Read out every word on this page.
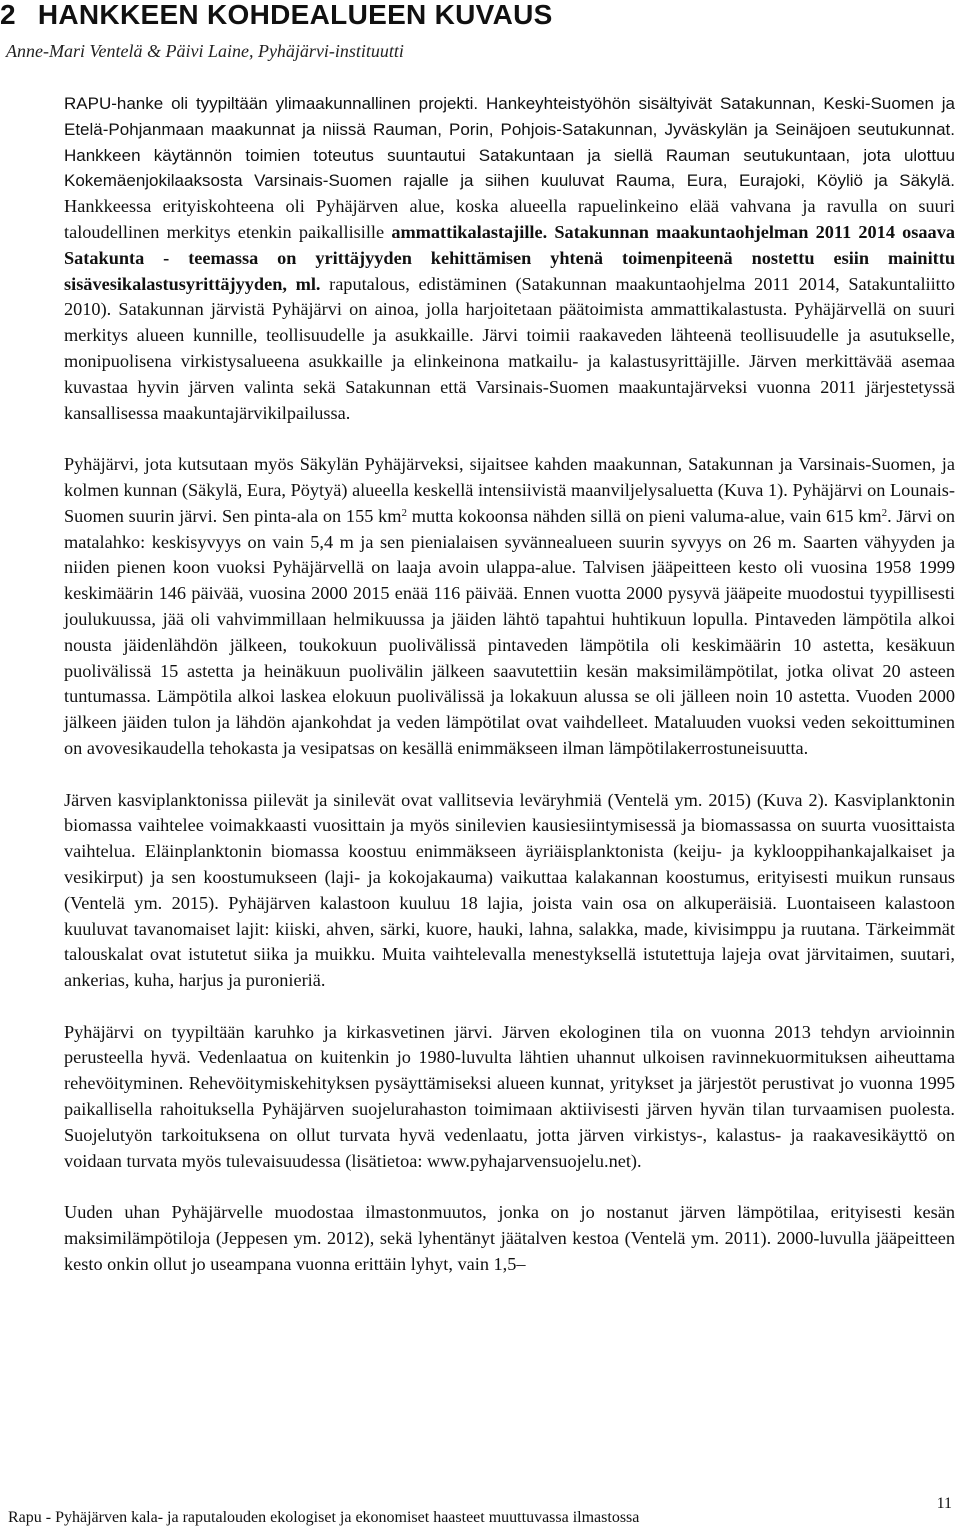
2 HANKKEEN KOHDEALUEEN KUVAUS

Anne-Mari Ventelä & Päivi Laine, Pyhäjärvi-instituutti

RAPU-hanke oli tyypiltään ylimaakunnallinen projekti. Hankeyhteistyöhön sisältyivät Satakunnan, Keski-Suomen ja Etelä-Pohjanmaan maakunnat ja niissä Rauman, Porin, Pohjois-Satakunnan, Jyväskylän ja Seinäjoen seutukunnat. Hankkeen käytännön toimien toteutus suuntautui Satakuntaan ja siellä Rauman seutukuntaan, jota ulottuu Kokemäenjokilaaksosta Varsinais-Suomen rajalle ja siihen kuuluvat Rauma, Eura, Eurajoki, Köyliö ja Säkylä. Hankkeessa erityiskohteena oli Pyhäjärven alue, koska alueella rapuelinkeino elää vahvana ja ravulla on suuri taloudellinen merkitys etenkin paikallisille ammattikalastajille. Satakunnan maakuntaohjelman 2011 2014 osaava Satakunta - teemassa on yrittäjyyden kehittämisen yhtenä toimenpiteenä nostettu esiin mainittu sisävesikalastusyrittäjyyden, ml. raputalous, edistäminen (Satakunnan maakuntaohjelma 2011 2014, Satakuntaliitto 2010). Satakunnan järvistä Pyhäjärvi on ainoa, jolla harjoitetaan päätoimista ammattikalastusta. Pyhäjärvellä on suuri merkitys alueen kunnille, teollisuudelle ja asukkaille. Järvi toimii raakaveden lähteenä teollisuudelle ja asutukselle, monipuolisena virkistysalueena asukkaille ja elinkeinona matkailu- ja kalastusyrittäjille. Järven merkittävää asemaa kuvastaa hyvin järven valinta sekä Satakunnan että Varsinais-Suomen maakuntajärveksi vuonna 2011 järjestetyssä kansallisessa maakuntajärvikilpailussa.

Pyhäjärvi, jota kutsutaan myös Säkylän Pyhäjärveksi, sijaitsee kahden maakunnan, Satakunnan ja Varsinais-Suomen, ja kolmen kunnan (Säkylä, Eura, Pöytyä) alueella keskellä intensiivistä maanviljelysaluetta (Kuva 1). Pyhäjärvi on Lounais-Suomen suurin järvi. Sen pinta-ala on 155 $km^2$ mutta kokoonsa nähden sillä on pieni valuma-alue, vain 615 $km^2$. Järvi on matalahko: keskisyvyys on vain 5,4 m ja sen pienialaisen syvännealueen suurin syvyys on 26 m. Saarten vähyyden ja niiden pienen koon vuoksi Pyhäjärvellä on laaja avoin ulappa-alue. Talvisen jääpeitteen kesto oli vuosina 1958 1999 keskimäärin 146 päivää, vuosina 2000 2015 enää 116 päivää. Ennen vuotta 2000 pysyvä jääpeite muodostui tyypillisesti joulukuussa, jää oli vahvimmillaan helmikuussa ja jäiden lähtö tapahtui huhtikuun lopulla. Pintaveden lämpötila alkoi nousta jäidenlähdön jälkeen, toukokuun puolivälissä pintaveden lämpötila oli keskimäärin 10 astetta, kesäkuun puolivälissä 15 astetta ja heinäkuun puolivälin jälkeen saavutettiin kesän maksimilämpötilat, jotka olivat 20 asteen tuntumassa. Lämpötila alkoi laskea elokuun puolivälissä ja lokakuun alussa se oli jälleen noin 10 astetta. Vuoden 2000 jälkeen jäiden tulon ja lähdön ajankohdat ja veden lämpötilat ovat vaihdelleet. Mataluuden vuoksi veden sekoittuminen on avovesikaudella tehokasta ja vesipatsas on kesällä enimmäkseen ilman lämpötilakerrostuneisuutta.

Järven kasviplanktonissa piilevät ja sinilevät ovat vallitsevia leväryhmiä (Ventelä ym. 2015) (Kuva 2). Kasviplanktonin biomassa vaihtelee voimakkaasti vuosittain ja myös sinilevien kausiesiintymisessä ja biomassassa on suurta vuosittaista vaihtelua. Eläinplanktonin biomassa koostuu enimmäkseen äyriäisplanktonista (keiju- ja kyklooppihankajalkaiset ja vesikirput) ja sen koostumukseen (laji- ja kokojakauma) vaikuttaa kalakannan koostumus, erityisesti muikun runsaus (Ventelä ym. 2015). Pyhäjärven kalastoon kuuluu 18 lajia, joista vain osa on alkuperäisiä. Luontaiseen kalastoon kuuluvat tavanomaiset lajit: kiiski, ahven, särki, kuore, hauki, lahna, salakka, made, kivisimppu ja ruutana. Tärkeimmät talouskalat ovat istutetut siika ja muikku. Muita vaihtelevalla menestyksellä istutettuja lajeja ovat järvitaimen, suutari, ankerias, kuha, harjus ja puronieriä.

Pyhäjärvi on tyypiltään karuhko ja kirkasvetinen järvi. Järven ekologinen tila on vuonna 2013 tehdyn arvioinnin perusteella hyvä. Vedenlaatua on kuitenkin jo 1980-luvulta lähtien uhannut ulkoisen ravinnekuormituksen aiheuttama rehevöityminen. Rehevöitymiskehityksen pysäyttämiseksi alueen kunnat, yritykset ja järjestöt perustivat jo vuonna 1995 paikallisella rahoituksella Pyhäjärven suojelurahaston toimimaan aktiivisesti järven hyvän tilan turvaamisen puolesta. Suojelutyön tarkoituksena on ollut turvata hyvä vedenlaatu, jotta järven virkistys-, kalastus- ja raakavesikäyttö on voidaan turvata myös tulevaisuudessa (lisätietoa: www.pyhajarvensuojelu.net).

Uuden uhan Pyhäjärvelle muodostaa ilmastonmuutos, jonka on jo nostanut järven lämpötilaa, erityisesti kesän maksimilämpötiloja (Jeppesen ym. 2012), sekä lyhentänyt jäätalven kestoa (Ventelä ym. 2011). 2000-luvulla jääpeitteen kesto onkin ollut jo useampana vuonna erittäin lyhyt, vain 1,5–

Rapu - Pyhäjärven kala- ja raputalouden ekologiset ja ekonomiset haasteet muuttuvassa ilmastossa
11
